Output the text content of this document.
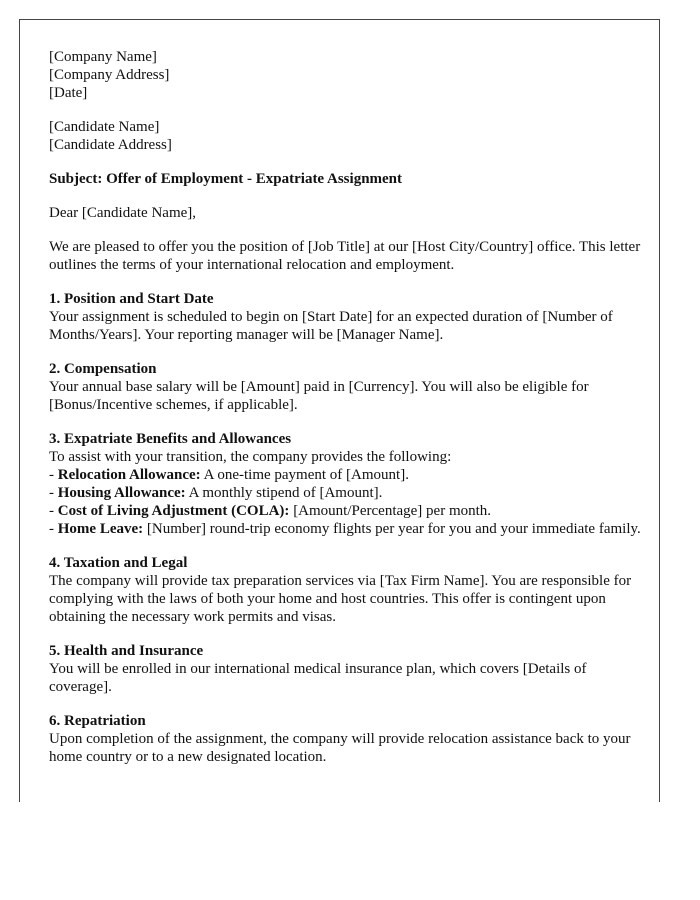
[Company Name]
[Company Address]
[Date]
[Candidate Name]
[Candidate Address]
Subject: Offer of Employment - Expatriate Assignment
Dear [Candidate Name],
We are pleased to offer you the position of [Job Title] at our [Host City/Country] office. This letter outlines the terms of your international relocation and employment.
1. Position and Start Date
Your assignment is scheduled to begin on [Start Date] for an expected duration of [Number of Months/Years]. Your reporting manager will be [Manager Name].
2. Compensation
Your annual base salary will be [Amount] paid in [Currency]. You will also be eligible for [Bonus/Incentive schemes, if applicable].
3. Expatriate Benefits and Allowances
To assist with your transition, the company provides the following:
- Relocation Allowance: A one-time payment of [Amount].
- Housing Allowance: A monthly stipend of [Amount].
- Cost of Living Adjustment (COLA): [Amount/Percentage] per month.
- Home Leave: [Number] round-trip economy flights per year for you and your immediate family.
4. Taxation and Legal
The company will provide tax preparation services via [Tax Firm Name]. You are responsible for complying with the laws of both your home and host countries. This offer is contingent upon obtaining the necessary work permits and visas.
5. Health and Insurance
You will be enrolled in our international medical insurance plan, which covers [Details of coverage].
6. Repatriation
Upon completion of the assignment, the company will provide relocation assistance back to your home country or to a new designated location.
